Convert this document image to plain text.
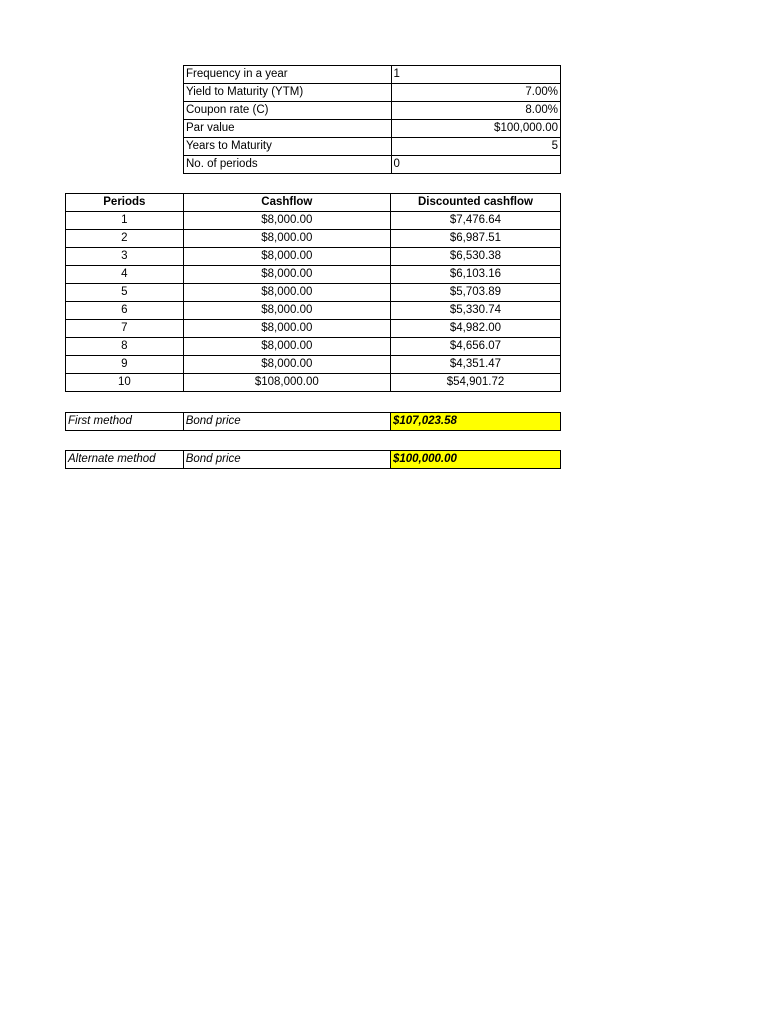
Frequency in a year	1
Yield to Maturity (YTM)	7.00%
Coupon rate (C)	8.00%
Par value	$100,000.00
Years to Maturity	5
No. of periods	0
Periods	Cashflow	Discounted cashflow
1	$8,000.00	$7,476.64
2	$8,000.00	$6,987.51
3	$8,000.00	$6,530.38
4	$8,000.00	$6,103.16
5	$8,000.00	$5,703.89
6	$8,000.00	$5,330.74
7	$8,000.00	$4,982.00
8	$8,000.00	$4,656.07
9	$8,000.00	$4,351.47
10	$108,000.00	$54,901.72
First method	Bond price	$107,023.58
Alternate method	Bond price	$100,000.00
